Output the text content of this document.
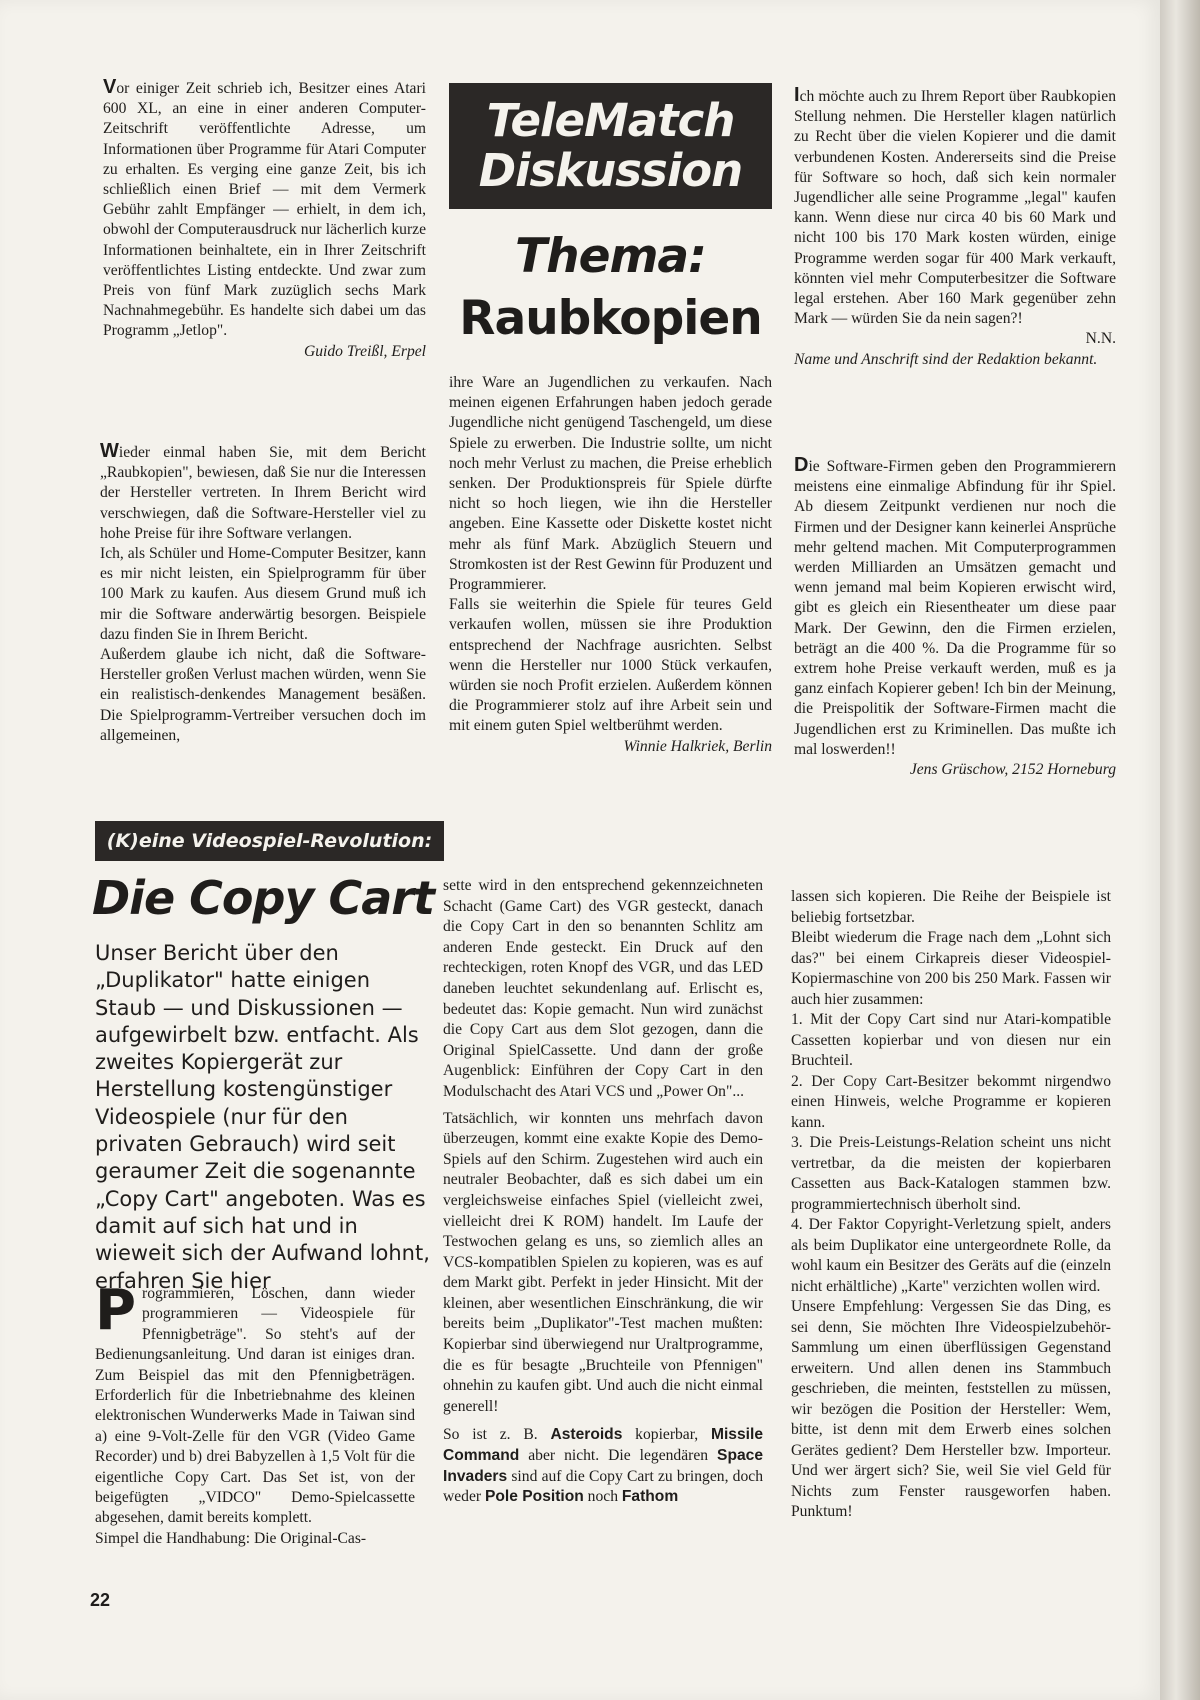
Vor einiger Zeit schrieb ich, Besitzer eines Atari 600 XL, an eine in einer anderen Computer-Zeitschrift veröffentlichte Adresse, um Informationen über Programme für Atari Computer zu erhalten. Es verging eine ganze Zeit, bis ich schließlich einen Brief — mit dem Vermerk Gebühr zahlt Empfänger — erhielt, in dem ich, obwohl der Computerausdruck nur lächerlich kurze Informationen beinhaltete, ein in Ihrer Zeitschrift veröffentlichtes Listing entdeckte. Und zwar zum Preis von fünf Mark zuzüglich sechs Mark Nachnahmegebühr. Es handelte sich dabei um das Programm „Jetlop".

Guido Treißl, Erpel

Wieder einmal haben Sie, mit dem Bericht „Raubkopien", bewiesen, daß Sie nur die Interessen der Hersteller vertreten. In Ihrem Bericht wird verschwiegen, daß die Software-Hersteller viel zu hohe Preise für ihre Software verlangen.

Ich, als Schüler und Home-Computer Besitzer, kann es mir nicht leisten, ein Spielprogramm für über 100 Mark zu kaufen. Aus diesem Grund muß ich mir die Software anderwärtig besorgen. Beispiele dazu finden Sie in Ihrem Bericht.

Außerdem glaube ich nicht, daß die Software-Hersteller großen Verlust machen würden, wenn Sie ein realistisch-denkendes Management besäßen. Die Spielprogramm-Vertreiber versuchen doch im allgemeinen,

TeleMatch
Diskussion
Thema:
Raubkopien

ihre Ware an Jugendlichen zu verkaufen. Nach meinen eigenen Erfahrungen haben jedoch gerade Jugendliche nicht genügend Taschengeld, um diese Spiele zu erwerben. Die Industrie sollte, um nicht noch mehr Verlust zu machen, die Preise erheblich senken. Der Produktionspreis für Spiele dürfte nicht so hoch liegen, wie ihn die Hersteller angeben. Eine Kassette oder Diskette kostet nicht mehr als fünf Mark. Abzüglich Steuern und Stromkosten ist der Rest Gewinn für Produzent und Programmierer.

Falls sie weiterhin die Spiele für teures Geld verkaufen wollen, müssen sie ihre Produktion entsprechend der Nachfrage ausrichten. Selbst wenn die Hersteller nur 1000 Stück verkaufen, würden sie noch Profit erzielen. Außerdem können die Programmierer stolz auf ihre Arbeit sein und mit einem guten Spiel weltberühmt werden.

Winnie Halkriek, Berlin

Ich möchte auch zu Ihrem Report über Raubkopien Stellung nehmen. Die Hersteller klagen natürlich zu Recht über die vielen Kopierer und die damit verbundenen Kosten. Andererseits sind die Preise für Software so hoch, daß sich kein normaler Jugendlicher alle seine Programme „legal" kaufen kann. Wenn diese nur circa 40 bis 60 Mark und nicht 100 bis 170 Mark kosten würden, einige Programme werden sogar für 400 Mark verkauft, könnten viel mehr Computerbesitzer die Software legal erstehen. Aber 160 Mark gegenüber zehn Mark — würden Sie da nein sagen?!

N.N.

Name und Anschrift sind der Redaktion bekannt.

Die Software-Firmen geben den Programmierern meistens eine einmalige Abfindung für ihr Spiel. Ab diesem Zeitpunkt verdienen nur noch die Firmen und der Designer kann keinerlei Ansprüche mehr geltend machen. Mit Computerprogrammen werden Milliarden an Umsätzen gemacht und wenn jemand mal beim Kopieren erwischt wird, gibt es gleich ein Riesentheater um diese paar Mark. Der Gewinn, den die Firmen erzielen, beträgt an die 400 %. Da die Programme für so extrem hohe Preise verkauft werden, muß es ja ganz einfach Kopierer geben! Ich bin der Meinung, die Preispolitik der Software-Firmen macht die Jugendlichen erst zu Kriminellen. Das mußte ich mal loswerden!!

Jens Grüschow, 2152 Horneburg

(K)eine Videospiel-Revolution:
Die Copy Cart
Unser Bericht über den „Duplikator" hatte einigen Staub — und Diskussionen — aufgewirbelt bzw. entfacht. Als zweites Kopiergerät zur Herstellung kostengünstiger Videospiele (nur für den privaten Gebrauch) wird seit geraumer Zeit die sogenannte „Copy Cart" angeboten. Was es damit auf sich hat und in wieweit sich der Aufwand lohnt, erfahren Sie hier

Programmieren, Löschen, dann wieder programmieren — Videospiele für Pfennigbeträge". So steht's auf der Bedienungsanleitung. Und daran ist einiges dran. Zum Beispiel das mit den Pfennigbeträgen. Erforderlich für die Inbetriebnahme des kleinen elektronischen Wunderwerks Made in Taiwan sind a) eine 9-Volt-Zelle für den VGR (Video Game Recorder) und b) drei Babyzellen à 1,5 Volt für die eigentliche Copy Cart. Das Set ist, von der beigefügten „VIDCO" Demo-Spielcassette abgesehen, damit bereits komplett.

Simpel die Handhabung: Die Original-Cas-

sette wird in den entsprechend gekennzeichneten Schacht (Game Cart) des VGR gesteckt, danach die Copy Cart in den so benannten Schlitz am anderen Ende gesteckt. Ein Druck auf den rechteckigen, roten Knopf des VGR, und das LED daneben leuchtet sekundenlang auf. Erlischt es, bedeutet das: Kopie gemacht. Nun wird zunächst die Copy Cart aus dem Slot gezogen, dann die Original SpielCassette. Und dann der große Augenblick: Einführen der Copy Cart in den Modulschacht des Atari VCS und „Power On"...

Tatsächlich, wir konnten uns mehrfach davon überzeugen, kommt eine exakte Kopie des Demo-Spiels auf den Schirm. Zugestehen wird auch ein neutraler Beobachter, daß es sich dabei um ein vergleichsweise einfaches Spiel (vielleicht zwei, vielleicht drei K ROM) handelt. Im Laufe der Testwochen gelang es uns, so ziemlich alles an VCS-kompatiblen Spielen zu kopieren, was es auf dem Markt gibt. Perfekt in jeder Hinsicht. Mit der kleinen, aber wesentlichen Einschränkung, die wir bereits beim „Duplikator"-Test machen mußten: Kopierbar sind überwiegend nur Uraltprogramme, die es für besagte „Bruchteile von Pfennigen" ohnehin zu kaufen gibt. Und auch die nicht einmal generell!

So ist z. B. Asteroids kopierbar, Missile Command aber nicht. Die legendären Space Invaders sind auf die Copy Cart zu bringen, doch weder Pole Position noch Fathom

lassen sich kopieren. Die Reihe der Beispiele ist beliebig fortsetzbar.

Bleibt wiederum die Frage nach dem „Lohnt sich das?" bei einem Cirkapreis dieser Videospiel-Kopiermaschine von 200 bis 250 Mark. Fassen wir auch hier zusammen:

1. Mit der Copy Cart sind nur Atari-kompatible Cassetten kopierbar und von diesen nur ein Bruchteil.

2. Der Copy Cart-Besitzer bekommt nirgendwo einen Hinweis, welche Programme er kopieren kann.

3. Die Preis-Leistungs-Relation scheint uns nicht vertretbar, da die meisten der kopierbaren Cassetten aus Back-Katalogen stammen bzw. programmiertechnisch überholt sind.

4. Der Faktor Copyright-Verletzung spielt, anders als beim Duplikator eine untergeordnete Rolle, da wohl kaum ein Besitzer des Geräts auf die (einzeln nicht erhältliche) „Karte" verzichten wollen wird.

Unsere Empfehlung: Vergessen Sie das Ding, es sei denn, Sie möchten Ihre Videospielzubehör-Sammlung um einen überflüssigen Gegenstand erweitern. Und allen denen ins Stammbuch geschrieben, die meinten, feststellen zu müssen, wir bezögen die Position der Hersteller: Wem, bitte, ist denn mit dem Erwerb eines solchen Gerätes gedient? Dem Hersteller bzw. Importeur. Und wer ärgert sich? Sie, weil Sie viel Geld für Nichts zum Fenster rausgeworfen haben. Punktum!

22
